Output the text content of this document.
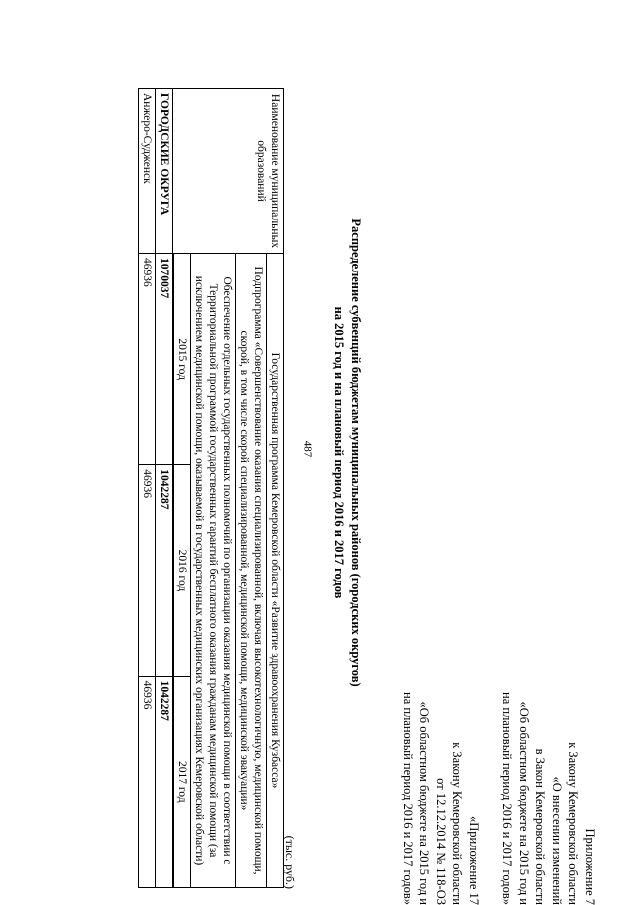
487
Приложение 7
к Закону Кемеровской области
«О внесении изменений
в Закон Кемеровской области
«Об областном бюджете на 2015 год и
на плановый период 2016 и 2017 годов»
«Приложение 17
к Закону Кемеровской области
от 12.12.2014 № 118-ОЗ
«Об областном бюджете на 2015 год и
на плановый период 2016 и 2017 годов»
Распределение субвенций бюджетам муниципальных районов (городских округов)
на 2015 год и на плановый период 2016 и 2017 годов
(тыс. руб.)
Наименование муниципальных образований	Государственная программа Кемеровской области «Развитие здравоохранения Кузбасса»		
	Подпрограмма «Совершенствование оказания специализированной, включая высокотехнологичную, медицинской помощи, скорой, в том числе скорой специализированной, медицинской помощи, медицинской эвакуации»		
	Обеспечение отдельных государственных полномочий по организации оказания медицинской помощи в соответствии с Территориальной программой государственных гарантий бесплатного оказания гражданам медицинской помощи (за исключением медицинской помощи, оказываемой в государственных медицинских организациях Кемеровской области)		
	2015 год	2016 год	2017 год

ГОРОДСКИЕ ОКРУГА	1070037	1042287	1042287
Анжеро-Судженск	46936	46936	46936
